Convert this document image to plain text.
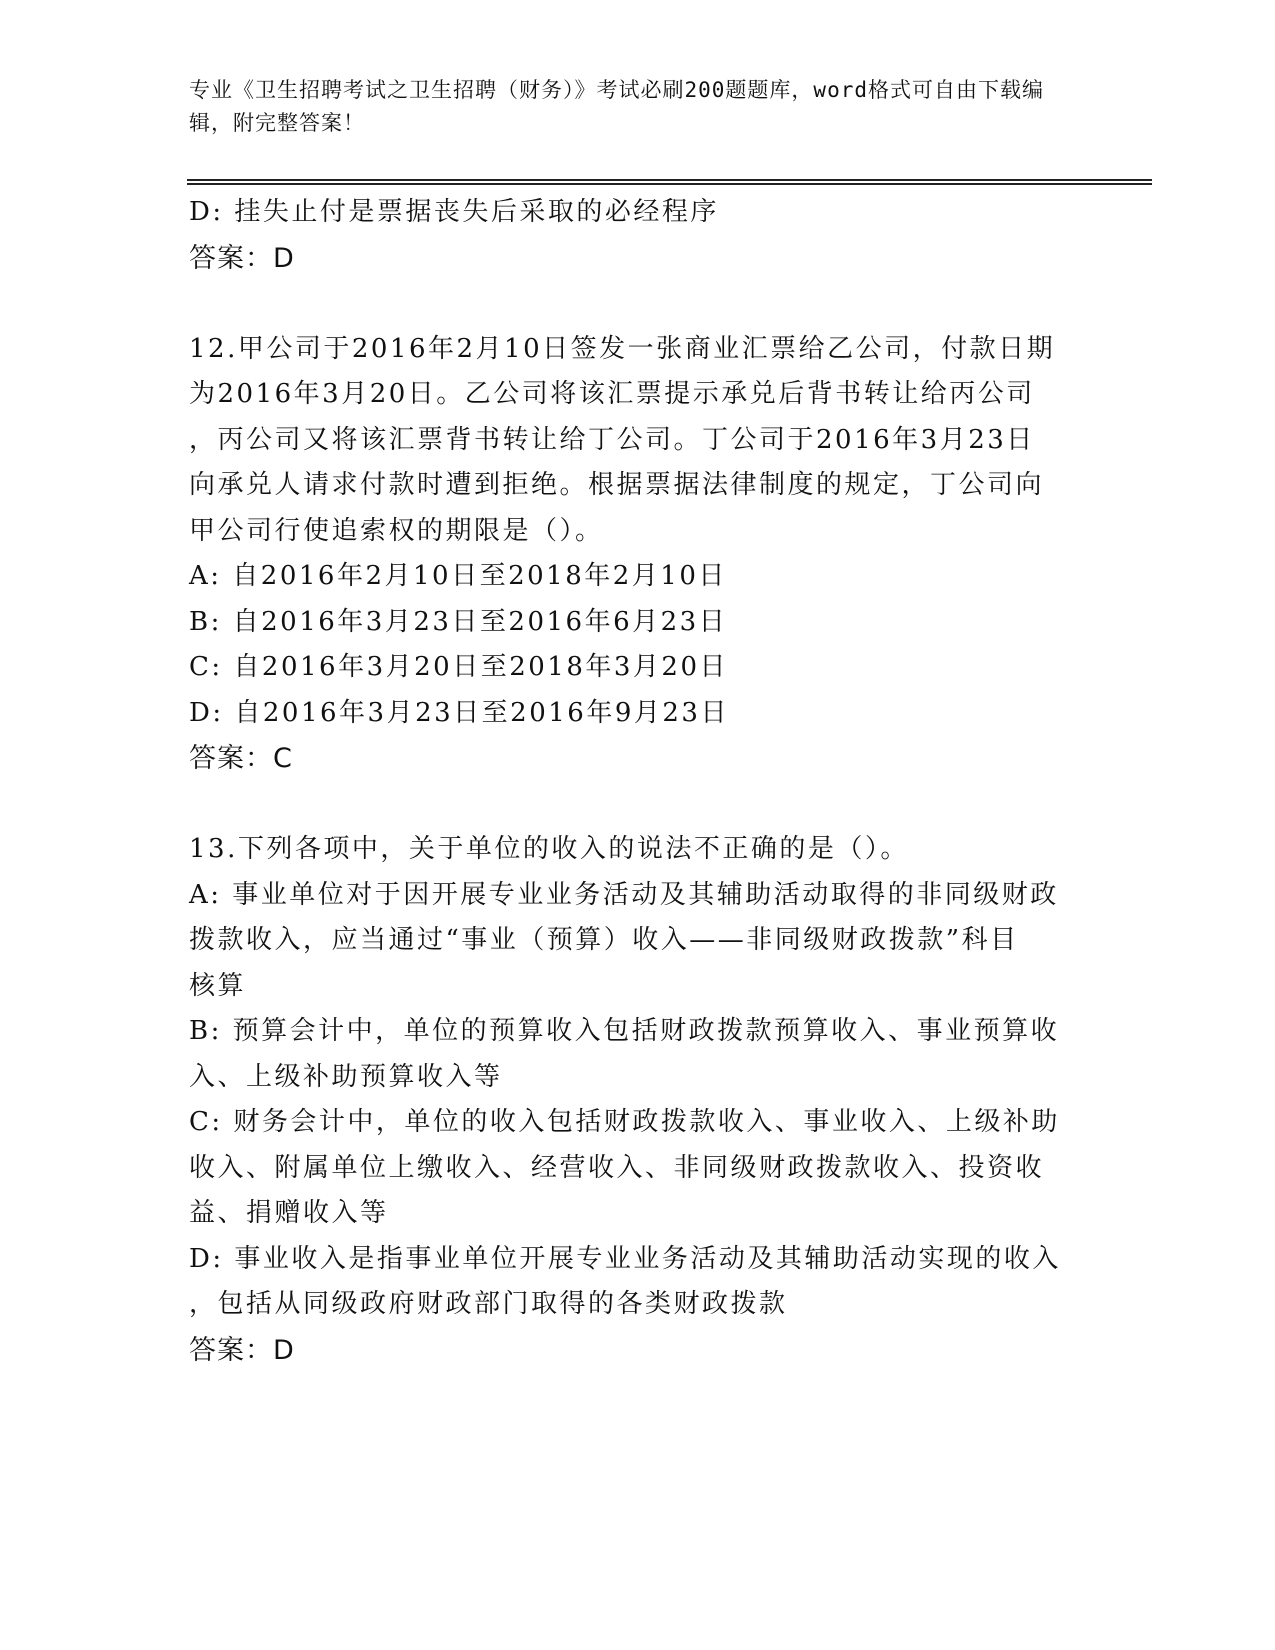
专业《卫生招聘考试之卫生招聘（财务）》考试必刷200题题库，word格式可自由下载编辑，附完整答案！
D: 挂失止付是票据丧失后采取的必经程序
答案：D
12.甲公司于2016年2月10日签发一张商业汇票给乙公司，付款日期
为2016年3月20日。乙公司将该汇票提示承兑后背书转让给丙公司
，丙公司又将该汇票背书转让给丁公司。丁公司于2016年3月23日
向承兑人请求付款时遭到拒绝。根据票据法律制度的规定，丁公司向
甲公司行使追索权的期限是（）。
A: 自2016年2月10日至2018年2月10日
B: 自2016年3月23日至2016年6月23日
C: 自2016年3月20日至2018年3月20日
D: 自2016年3月23日至2016年9月23日
答案：C
13.下列各项中，关于单位的收入的说法不正确的是（）。
A: 事业单位对于因开展专业业务活动及其辅助活动取得的非同级财政
拨款收入，应当通过“事业（预算）收入——非同级财政拨款”科目
核算
B: 预算会计中，单位的预算收入包括财政拨款预算收入、事业预算收
入、上级补助预算收入等
C: 财务会计中，单位的收入包括财政拨款收入、事业收入、上级补助
收入、附属单位上缴收入、经营收入、非同级财政拨款收入、投资收
益、捐赠收入等
D: 事业收入是指事业单位开展专业业务活动及其辅助活动实现的收入
，包括从同级政府财政部门取得的各类财政拨款
答案：D
